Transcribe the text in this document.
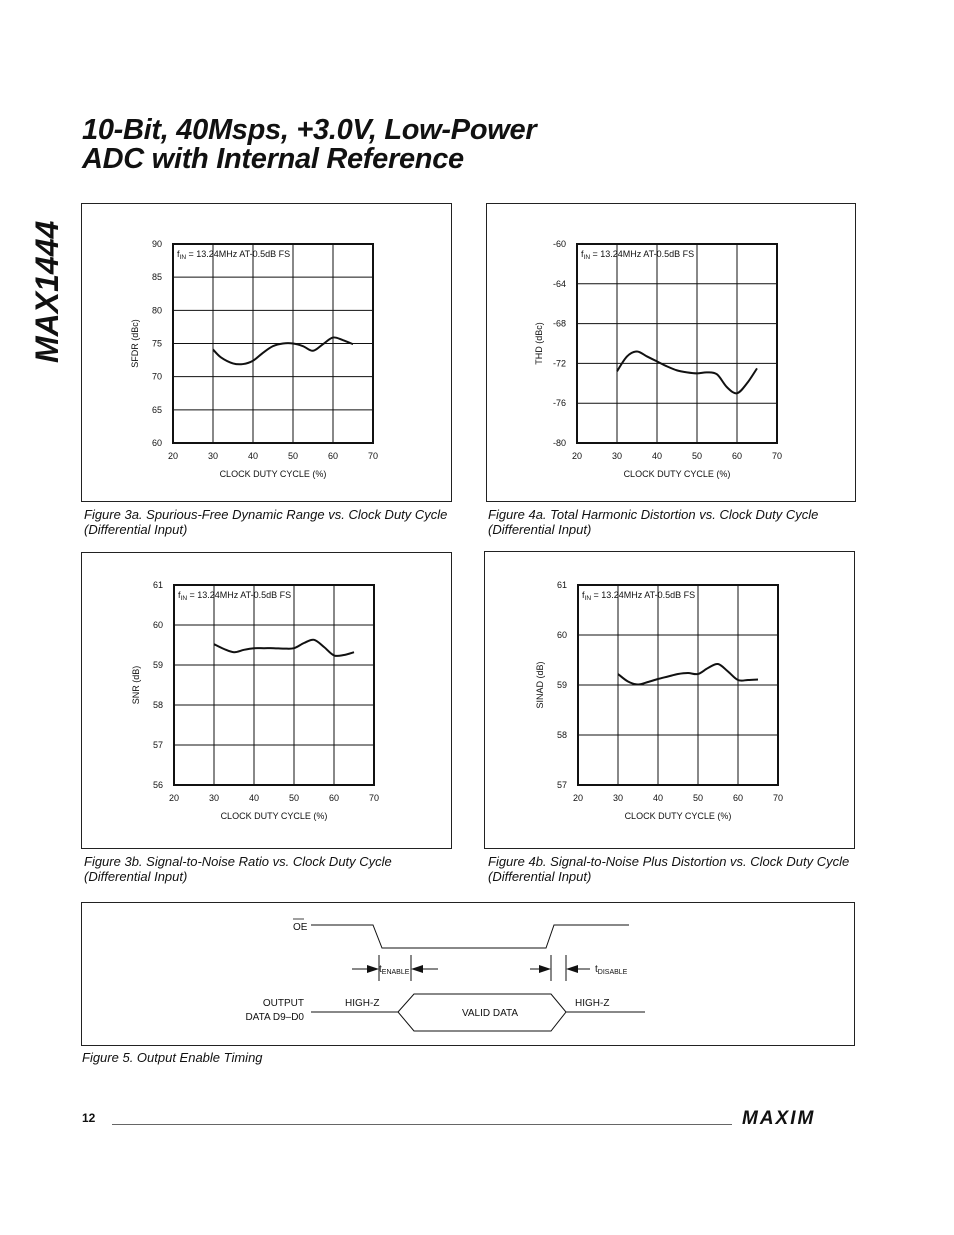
MAX1444
10-Bit, 40Msps, +3.0V, Low-Power
ADC with Internal Reference
20	30	40	50	60	70
90
85
80
75
70
65
60
CLOCK DUTY CYCLE (%)
SFDR (dBc)
$f_{IN} = 13.24MHz$ AT-0.5dB FS
Figure 3a. Spurious-Free Dynamic Range vs. Clock Duty Cycle
(Differential Input)
20	30	40	50	60	70
-60
-64
-68
-72
-76
-80
CLOCK DUTY CYCLE (%)
THD (dBc)
$f_{IN} = 13.24MHz$ AT-0.5dB FS
Figure 4a. Total Harmonic Distortion vs. Clock Duty Cycle
(Differential Input)
20	30	40	50	60	70
61
60
59
58
57
56
CLOCK DUTY CYCLE (%)
SNR (dB)
$f_{IN} = 13.24MHz$ AT-0.5dB FS
Figure 3b. Signal-to-Noise Ratio vs. Clock Duty Cycle
(Differential Input)
20	30	40	50	60	70
61
60
59
58
57
CLOCK DUTY CYCLE (%)
SINAD (dB)
$f_{IN} = 13.24MHz$ AT-0.5dB FS
Figure 4b. Signal-to-Noise Plus Distortion vs. Clock Duty Cycle
(Differential Input)
OE
$t_{ENABLE}$	$t_{DISABLE}$
OUTPUT
DATA D9–D0
HIGH-Z	HIGH-Z
VALID DATA
Figure 5. Output Enable Timing
12	MAXIM
